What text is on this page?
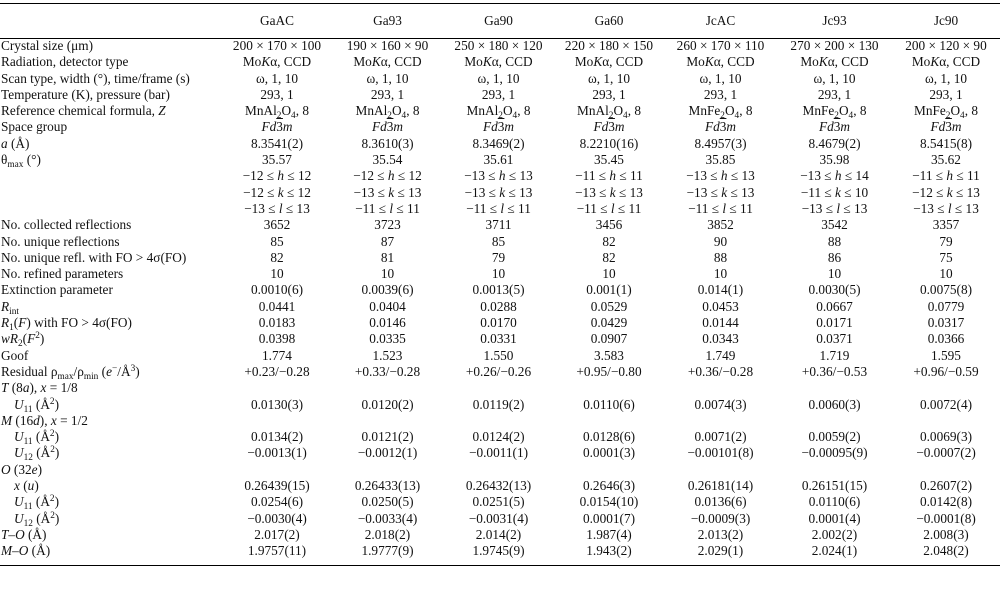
	GaAC	Ga93	Ga90	Ga60	JcAC	Jc93	Jc90
Crystal size (μm)	200 × 170 × 100	190 × 160 × 90	250 × 180 × 120	220 × 180 × 150	260 × 170 × 110	270 × 200 × 130	200 × 120 × 90
Radiation, detector type	MoKα, CCD	MoKα, CCD	MoKα, CCD	MoKα, CCD	MoKα, CCD	MoKα, CCD	MoKα, CCD
Scan type, width (°), time/frame (s)	ω, 1, 10	ω, 1, 10	ω, 1, 10	ω, 1, 10	ω, 1, 10	ω, 1, 10	ω, 1, 10
Temperature (K), pressure (bar)	293, 1	293, 1	293, 1	293, 1	293, 1	293, 1	293, 1
Reference chemical formula, Z	$MnAl_2O_4$, 8	$MnAl_2O_4$, 8	$MnAl_2O_4$, 8	$MnAl_2O_4$, 8	$MnFe_2O_4$, 8	$MnFe_2O_4$, 8	$MnFe_2O_4$, 8
Space group	Fd3m	Fd3m	Fd3m	Fd3m	Fd3m	Fd3m	Fd3m
a (Å)	8.3541(2)	8.3610(3)	8.3469(2)	8.2210(16)	8.4957(3)	8.4679(2)	8.5415(8)
$\theta_{max}$ (°)	35.57	35.54	35.61	35.45	35.85	35.98	35.62
	−12 ≤ h ≤ 12	−12 ≤ h ≤ 12	−13 ≤ h ≤ 13	−11 ≤ h ≤ 11	−13 ≤ h ≤ 13	−13 ≤ h ≤ 14	−11 ≤ h ≤ 11
	−12 ≤ k ≤ 12	−13 ≤ k ≤ 13	−13 ≤ k ≤ 13	−13 ≤ k ≤ 13	−13 ≤ k ≤ 13	−11 ≤ k ≤ 10	−12 ≤ k ≤ 13
	−13 ≤ l ≤ 13	−11 ≤ l ≤ 11	−11 ≤ l ≤ 11	−11 ≤ l ≤ 11	−11 ≤ l ≤ 11	−13 ≤ l ≤ 13	−13 ≤ l ≤ 13
No. collected reflections	3652	3723	3711	3456	3852	3542	3357
No. unique reflections	85	87	85	82	90	88	79
No. unique refl. with FO > 4σ(FO)	82	81	79	82	88	86	75
No. refined parameters	10	10	10	10	10	10	10
Extinction parameter	0.0010(6)	0.0039(6)	0.0013(5)	0.001(1)	0.014(1)	0.0030(5)	0.0075(8)
$R_{int}$	0.0441	0.0404	0.0288	0.0529	0.0453	0.0667	0.0779
$R_1(F)$ with FO > 4σ(FO)	0.0183	0.0146	0.0170	0.0429	0.0144	0.0171	0.0317
$wR_2(F^2)$	0.0398	0.0335	0.0331	0.0907	0.0343	0.0371	0.0366
Goof	1.774	1.523	1.550	3.583	1.749	1.719	1.595
Residual $\rho_{max}/\rho_{min}$ $(e^-/Å^3)$	+0.23/−0.28	+0.33/−0.28	+0.26/−0.26	+0.95/−0.80	+0.36/−0.28	+0.36/−0.53	+0.96/−0.59
T (8a), x = 1/8							
$U_{11}$ $(Å^2)$	0.0130(3)	0.0120(2)	0.0119(2)	0.0110(6)	0.0074(3)	0.0060(3)	0.0072(4)
M (16d), x = 1/2							
$U_{11}$ $(Å^2)$	0.0134(2)	0.0121(2)	0.0124(2)	0.0128(6)	0.0071(2)	0.0059(2)	0.0069(3)
$U_{12}$ $(Å^2)$	−0.0013(1)	−0.0012(1)	−0.0011(1)	0.0001(3)	−0.00101(8)	−0.00095(9)	−0.0007(2)
O (32e)							
x (u)	0.26439(15)	0.26433(13)	0.26432(13)	0.2646(3)	0.26181(14)	0.26151(15)	0.2607(2)
$U_{11}$ $(Å^2)$	0.0254(6)	0.0250(5)	0.0251(5)	0.0154(10)	0.0136(6)	0.0110(6)	0.0142(8)
$U_{12}$ $(Å^2)$	−0.0030(4)	−0.0033(4)	−0.0031(4)	0.0001(7)	−0.0009(3)	0.0001(4)	−0.0001(8)
T–O (Å)	2.017(2)	2.018(2)	2.014(2)	1.987(4)	2.013(2)	2.002(2)	2.008(3)
M–O (Å)	1.9757(11)	1.9777(9)	1.9745(9)	1.943(2)	2.029(1)	2.024(1)	2.048(2)
